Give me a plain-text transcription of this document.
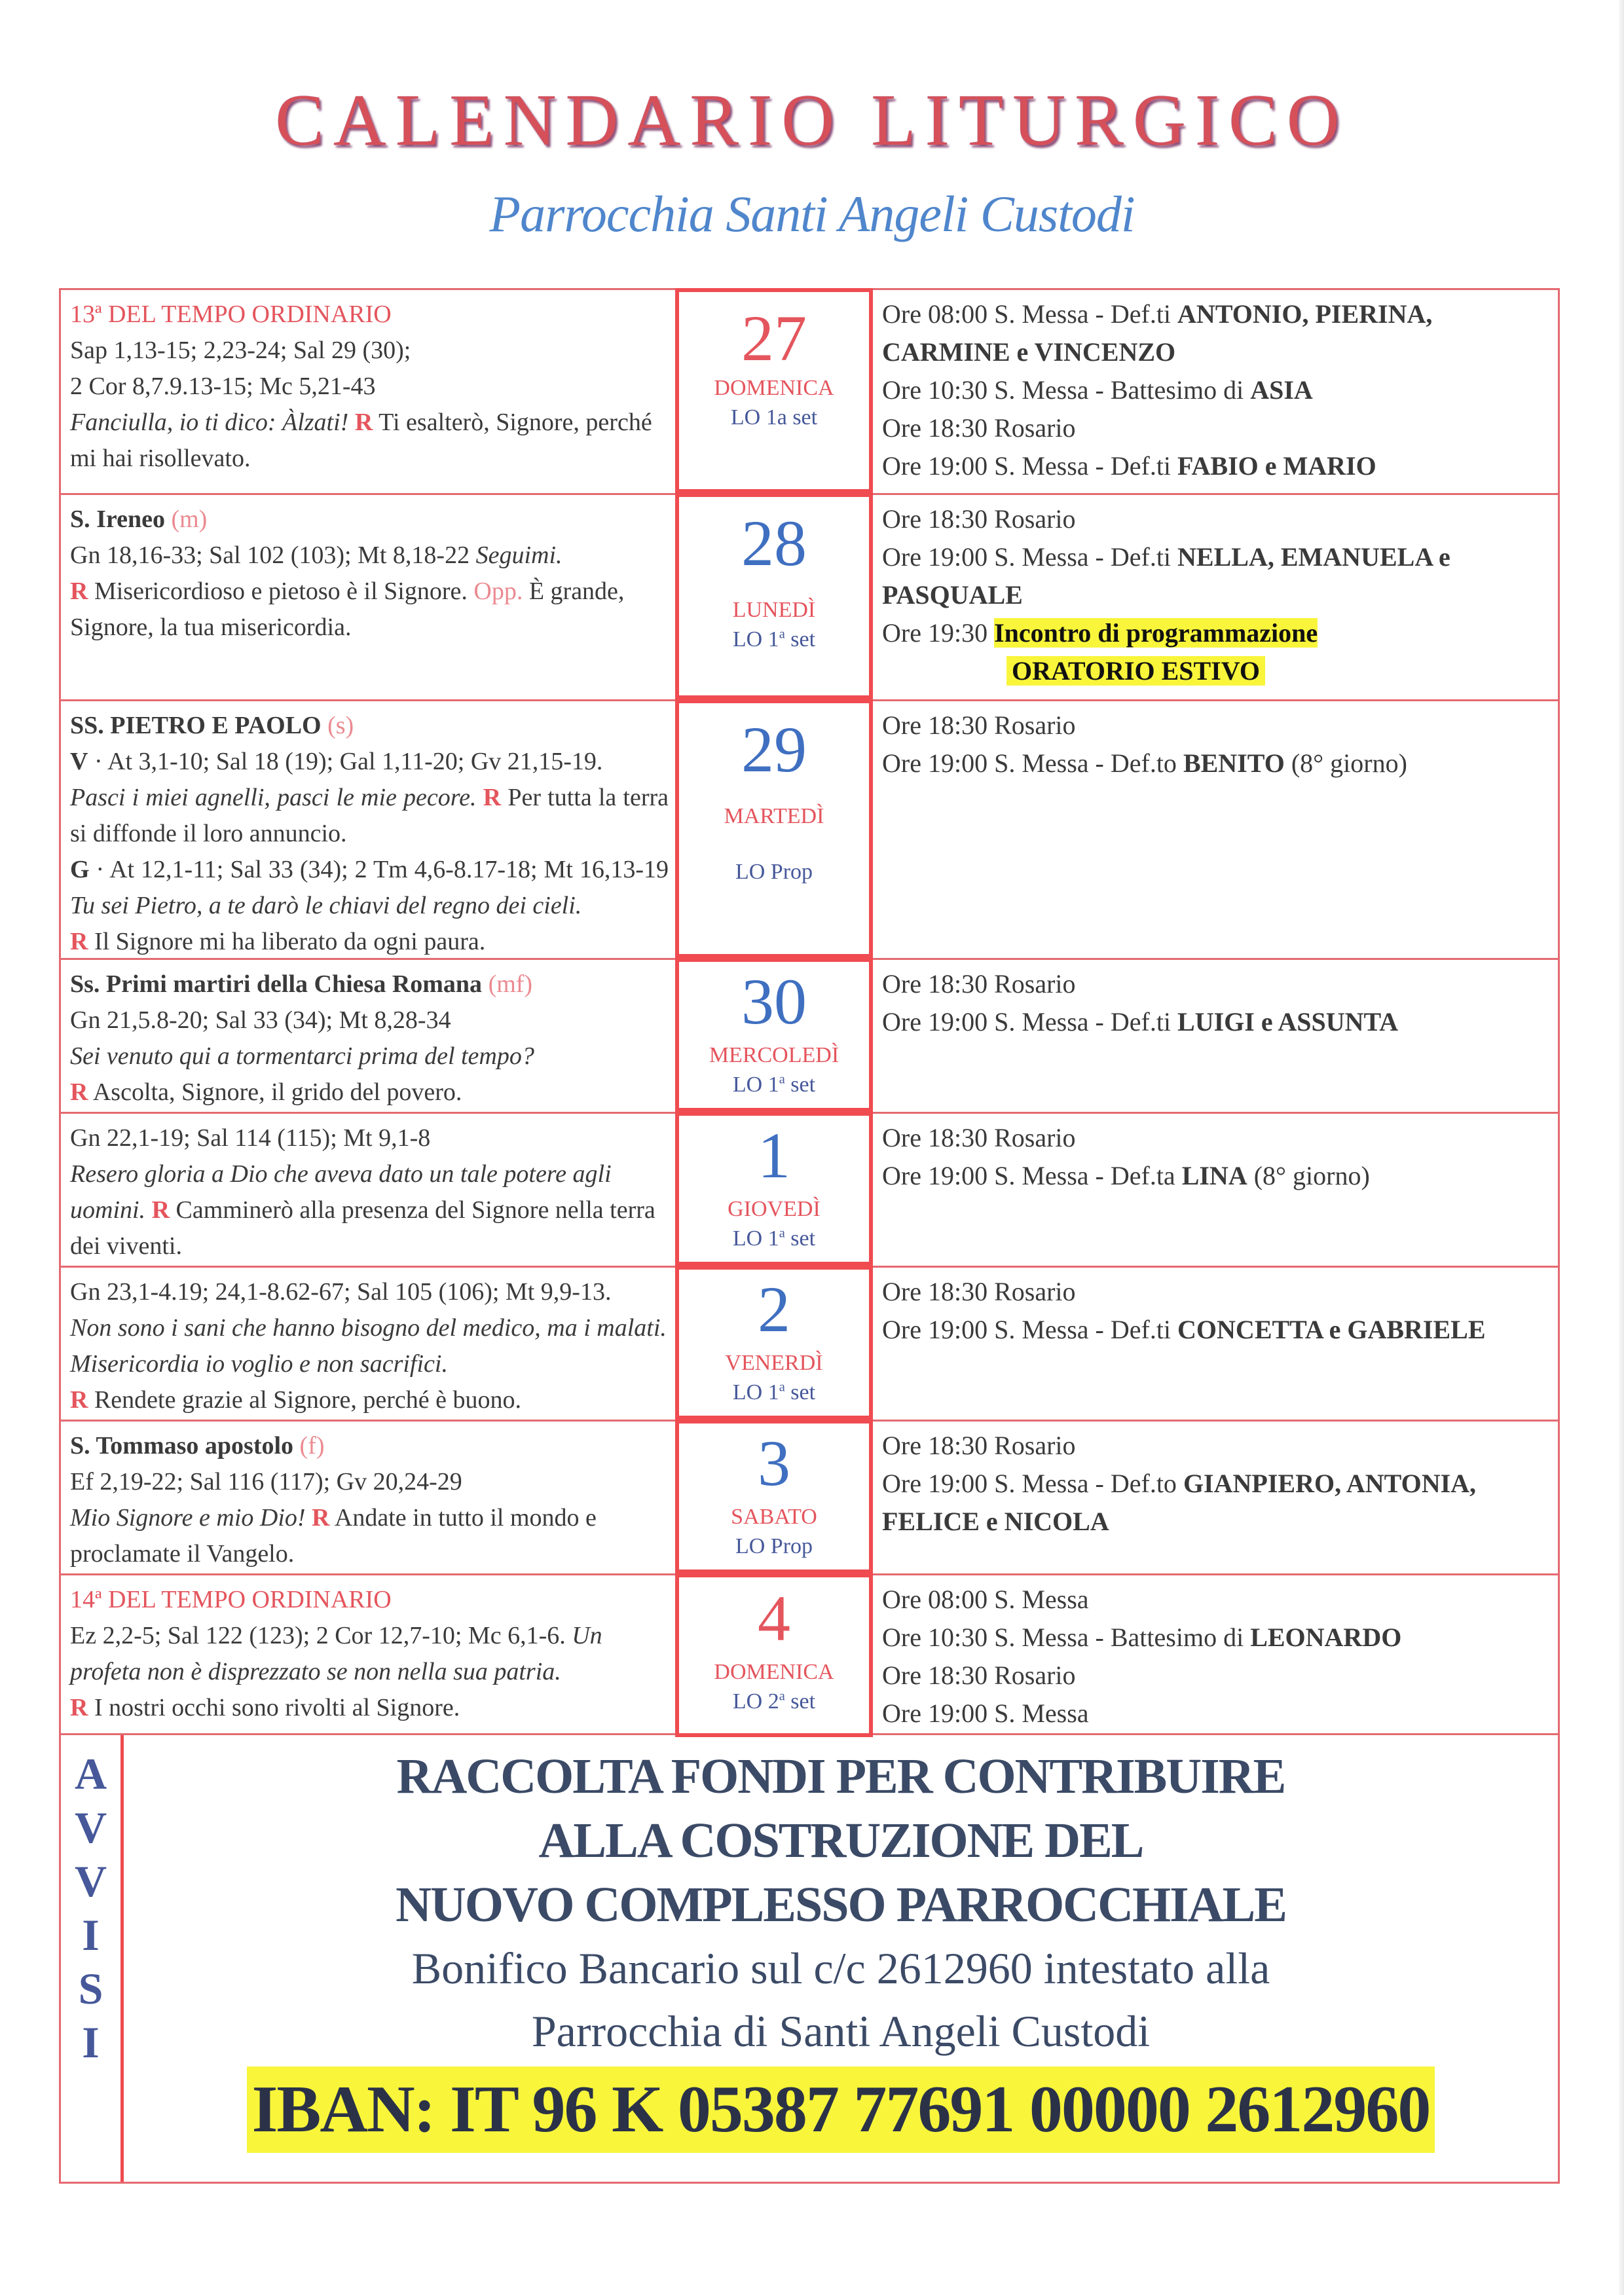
CALENDARIO LITURGICO
Parrocchia Santi Angeli Custodi
13ª DEL TEMPO ORDINARIO
Sap 1,13-15; 2,23-24; Sal 29 (30);
2 Cor 8,7.9.13-15; Mc 5,21-43
Fanciulla, io ti dico: Àlzati! R Ti esalterò, Signore, perché mi hai risollevato.
27
DOMENICA
LO 1a set
Ore 08:00 S. Messa - Def.ti ANTONIO, PIERINA, CARMINE e VINCENZO
Ore 10:30 S. Messa - Battesimo di ASIA
Ore 18:30 Rosario
Ore 19:00 S. Messa - Def.ti FABIO e MARIO
S. Ireneo (m)
Gn 18,16-33; Sal 102 (103); Mt 8,18-22 Seguimi.
R Misericordioso e pietoso è il Signore. Opp. È grande, Signore, la tua misericordia.
28
LUNEDÌ
LO 1$^a$ set
Ore 18:30 Rosario
Ore 19:00 S. Messa - Def.ti NELLA, EMANUELA e PASQUALE
Ore 19:30 Incontro di programmazione
ORATORIO ESTIVO
SS. PIETRO E PAOLO (s)
V · At 3,1-10; Sal 18 (19); Gal 1,11-20; Gv 21,15-19.
Pasci i miei agnelli, pasci le mie pecore. R Per tutta la terra si diffonde il loro annuncio.
G · At 12,1-11; Sal 33 (34); 2 Tm 4,6-8.17-18; Mt 16,13-19 Tu sei Pietro, a te darò le chiavi del regno dei cieli.
R Il Signore mi ha liberato da ogni paura.
29
MARTEDÌ
LO Prop
Ore 18:30 Rosario
Ore 19:00 S. Messa - Def.to BENITO (8° giorno)
Ss. Primi martiri della Chiesa Romana (mf)
Gn 21,5.8-20; Sal 33 (34); Mt 8,28-34
Sei venuto qui a tormentarci prima del tempo?
R Ascolta, Signore, il grido del povero.
30
MERCOLEDÌ
LO 1$^a$ set
Ore 18:30 Rosario
Ore 19:00 S. Messa - Def.ti LUIGI e ASSUNTA
Gn 22,1-19; Sal 114 (115); Mt 9,1-8
Resero gloria a Dio che aveva dato un tale potere agli uomini. R Camminerò alla presenza del Signore nella terra dei viventi.
1
GIOVEDÌ
LO 1$^a$ set
Ore 18:30 Rosario
Ore 19:00 S. Messa - Def.ta LINA (8° giorno)
Gn 23,1-4.19; 24,1-8.62-67; Sal 105 (106); Mt 9,9-13.
Non sono i sani che hanno bisogno del medico, ma i malati. Misericordia io voglio e non sacrifici.
R Rendete grazie al Signore, perché è buono.
2
VENERDÌ
LO 1$^a$ set
Ore 18:30 Rosario
Ore 19:00 S. Messa - Def.ti CONCETTA e GABRIELE
S. Tommaso apostolo (f)
Ef 2,19-22; Sal 116 (117); Gv 20,24-29
Mio Signore e mio Dio! R Andate in tutto il mondo e proclamate il Vangelo.
3
SABATO
LO Prop
Ore 18:30 Rosario
Ore 19:00 S. Messa - Def.to GIANPIERO, ANTONIA, FELICE e NICOLA
14ª DEL TEMPO ORDINARIO
Ez 2,2-5; Sal 122 (123); 2 Cor 12,7-10; Mc 6,1-6. Un profeta non è disprezzato se non nella sua patria.
R I nostri occhi sono rivolti al Signore.
4
DOMENICA
LO 2$^a$ set
Ore 08:00 S. Messa
Ore 10:30 S. Messa - Battesimo di LEONARDO
Ore 18:30 Rosario
Ore 19:00 S. Messa
A
V
V
I
S
I
RACCOLTA FONDI PER CONTRIBUIRE
ALLA COSTRUZIONE DEL
NUOVO COMPLESSO PARROCCHIALE
Bonifico Bancario sul c/c 2612960 intestato alla
Parrocchia di Santi Angeli Custodi
IBAN: IT 96 K 05387 77691 00000 2612960
